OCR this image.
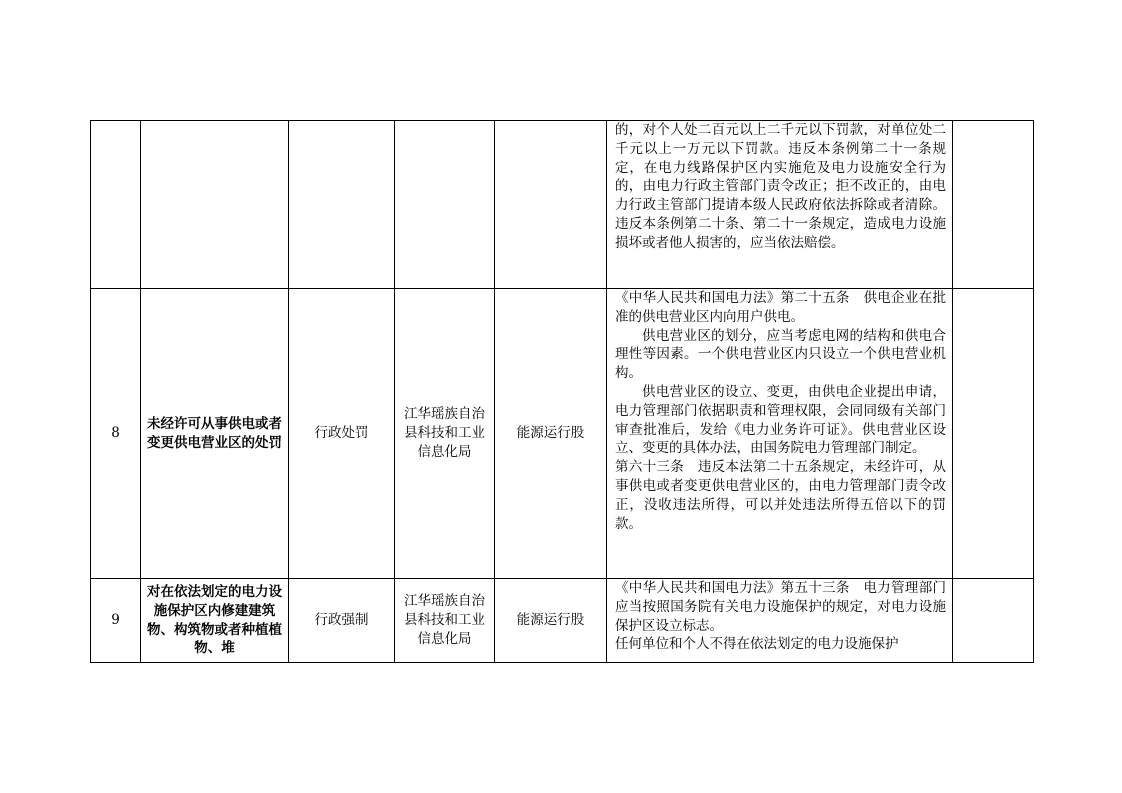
					的，对个人处二百元以上二千元以下罚款，对单位处二千元以上一万元以下罚款。违反本条例第二十一条规定，在电力线路保护区内实施危及电力设施安全行为的，由电力行政主管部门责令改正；拒不改正的，由电力行政主管部门提请本级人民政府依法拆除或者清除。违反本条例第二十条、第二十一条规定，造成电力设施损坏或者他人损害的，应当依法赔偿。	

8	未经许可从事供电或者变更供电营业区的处罚	行政处罚	江华瑶族自治县科技和工业信息化局	能源运行股	《中华人民共和国电力法》第二十五条　供电企业在批准的供电营业区内向用户供电。

供电营业区的划分，应当考虑电网的结构和供电合理性等因素。一个供电营业区内只设立一个供电营业机构。

供电营业区的设立、变更，由供电企业提出申请，电力管理部门依据职责和管理权限，会同同级有关部门审查批准后，发给《电力业务许可证》。供电营业区设立、变更的具体办法，由国务院电力管理部门制定。

第六十三条　违反本法第二十五条规定，未经许可，从事供电或者变更供电营业区的，由电力管理部门责令改正，没收违法所得，可以并处违法所得五倍以下的罚款。	

9	对在依法划定的电力设施保护区内修建建筑物、构筑物或者种植植物、堆	行政强制	江华瑶族自治县科技和工业信息化局	能源运行股	《中华人民共和国电力法》第五十三条　电力管理部门应当按照国务院有关电力设施保护的规定，对电力设施保护区设立标志。

任何单位和个人不得在依法划定的电力设施保护	
